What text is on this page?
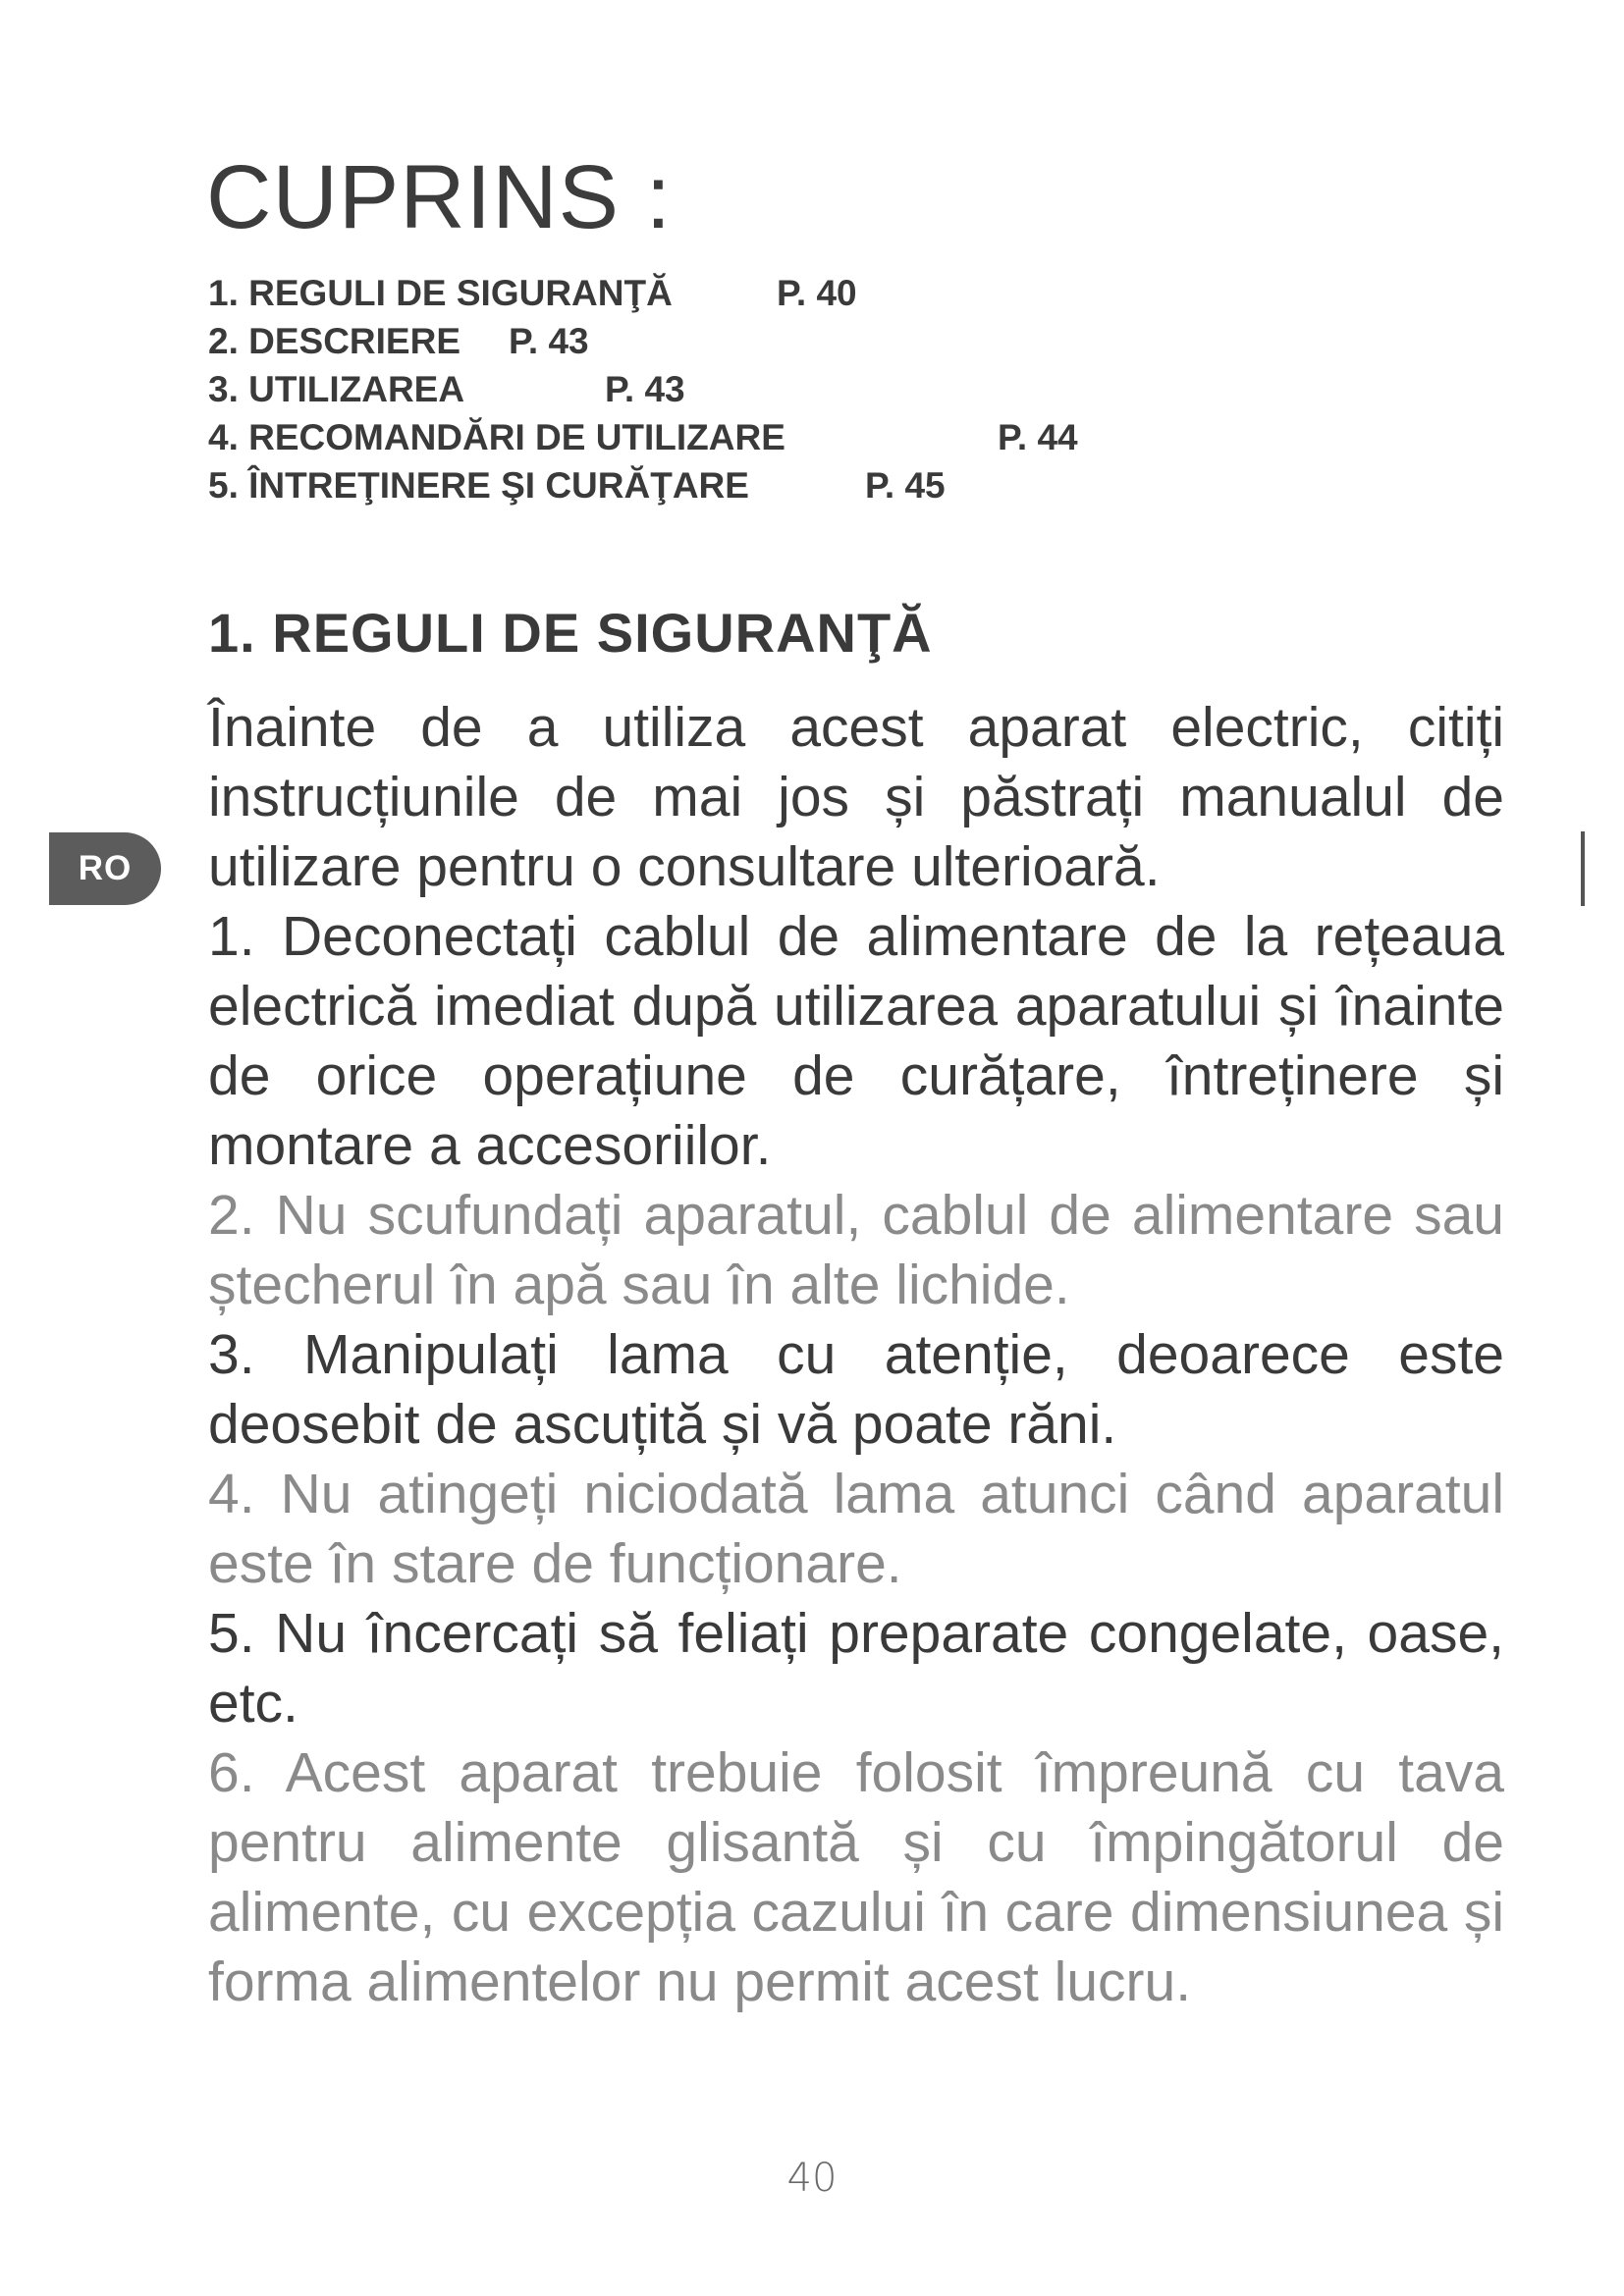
CUPRINS :
1. REGULI DE SIGURANŢĂ	P. 40
2. DESCRIERE P. 43
3. UTILIZAREA	P. 43
4. RECOMANDĂRI DE UTILIZARE	P. 44
5. ÎNTREŢINERE ŞI CURĂŢARE	P. 45
1. REGULI DE SIGURANŢĂ

Înainte de a utiliza acest aparat electric, citiți instrucțiunile de mai jos și păstrați manualul de utilizare pentru o consultare ulterioară.

1. Deconectați cablul de alimentare de la rețeaua electrică imediat după utilizarea aparatului și înainte de orice operațiune de curățare, întreținere și montare a accesoriilor.

2. Nu scufundați aparatul, cablul de alimentare sau ștecherul în apă sau în alte lichide.

3. Manipulați lama cu atenție, deoarece este deosebit de ascuțită și vă poate răni.

4. Nu atingeți niciodată lama atunci când aparatul este în stare de funcționare.

5. Nu încercați să feliați preparate congelate, oase, etc.

6. Acest aparat trebuie folosit împreună cu tava pentru alimente glisantă și cu împingătorul de alimente, cu excepția cazului în care dimensiunea și forma alimentelor nu permit acest lucru.

RO
40
